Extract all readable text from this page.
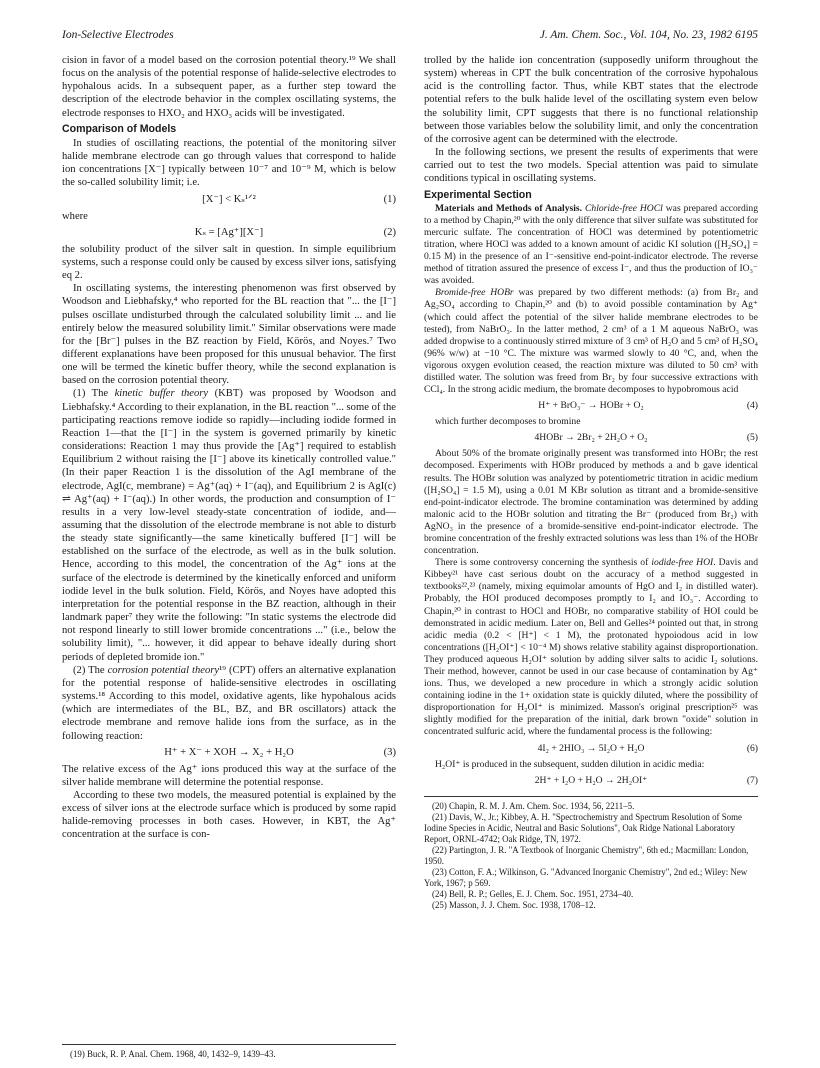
Ion-Selective Electrodes	J. Am. Chem. Soc., Vol. 104, No. 23, 1982 6195

cision in favor of a model based on the corrosion potential theory.¹⁹ We shall focus on the analysis of the potential response of halide-selective electrodes to hypohalous acids. In a subsequent paper, as a further step toward the description of the electrode behavior in the complex oscillating systems, the electrode responses to HXO₂ and HXO₃ acids will be investigated.

Comparison of Models

In studies of oscillating reactions, the potential of the monitoring silver halide membrane electrode can go through values that correspond to halide ion concentrations [X⁻] typically between 10⁻⁷ and 10⁻⁹ M, which is below the so-called solubility limit; i.e.

[X⁻] < Kₛ¹ᐟ²	(1)

where

Kₛ = [Ag⁺][X⁻]	(2)

the solubility product of the silver salt in question. In simple equilibrium systems, such a response could only be caused by excess silver ions, satisfying eq 2.

In oscillating systems, the interesting phenomenon was first observed by Woodson and Liebhafsky,⁴ who reported for the BL reaction that "... the [I⁻] pulses oscillate undisturbed through the calculated solubility limit ... and lie entirely below the measured solubility limit." Similar observations were made for the [Br⁻] pulses in the BZ reaction by Field, Körös, and Noyes.⁷ Two different explanations have been proposed for this unusual behavior. The first one will be termed the kinetic buffer theory, while the second explanation is based on the corrosion potential theory.

(1) The kinetic buffer theory (KBT) was proposed by Woodson and Liebhafsky.⁴ According to their explanation, in the BL reaction "... some of the participating reactions remove iodide so rapidly—including iodide formed in Reaction 1—that the [I⁻] in the system is governed primarily by kinetic considerations: Reaction 1 may thus provide the [Ag⁺] required to establish Equilibrium 2 without raising the [I⁻] above its kinetically controlled value." (In their paper Reaction 1 is the dissolution of the AgI membrane of the electrode, AgI(c, membrane) = Ag⁺(aq) + I⁻(aq), and Equilibrium 2 is AgI(c) ⇌ Ag⁺(aq) + I⁻(aq).) In other words, the production and consumption of I⁻ results in a very low-level steady-state concentration of iodide, and—assuming that the dissolution of the electrode membrane is not able to disturb the steady state significantly—the same kinetically buffered [I⁻] will be established on the surface of the electrode, as well as in the bulk solution. Hence, according to this model, the concentration of the Ag⁺ ions at the surface of the electrode is determined by the kinetically enforced and uniform iodide level in the bulk solution. Field, Körös, and Noyes have adopted this interpretation for the potential response in the BZ reaction, although in their landmark paper⁷ they write the following: "In static systems the electrode did not respond linearly to still lower bromide concentrations ..." (i.e., below the solubility limit), "... however, it did appear to behave ideally during short periods of depleted bromide ion."

(2) The corrosion potential theory¹⁹ (CPT) offers an alternative explanation for the potential response of halide-sensitive electrodes in oscillating systems.¹⁸ According to this model, oxidative agents, like hypohalous acids (which are intermediates of the BL, BZ, and BR oscillators) attack the electrode membrane and remove halide ions from the surface, as in the following reaction:

H⁺ + X⁻ + XOH → X₂ + H₂O	(3)

The relative excess of the Ag⁺ ions produced this way at the surface of the silver halide membrane will determine the potential response.

According to these two models, the measured potential is explained by the excess of silver ions at the electrode surface which is produced by some rapid halide-removing processes in both cases. However, in KBT, the Ag⁺ concentration at the surface is con-

(19) Buck, R. P. Anal. Chem. 1968, 40, 1432–9, 1439–43.

trolled by the halide ion concentration (supposedly uniform throughout the system) whereas in CPT the bulk concentration of the corrosive hypohalous acid is the controlling factor. Thus, while KBT states that the electrode potential refers to the bulk halide level of the oscillating system even below the solubility limit, CPT suggests that there is no functional relationship between those variables below the solubility limit, and only the concentration of the corrosive agent can be determined with the electrode.

In the following sections, we present the results of experiments that were carried out to test the two models. Special attention was paid to simulate conditions typical in oscillating systems.

Experimental Section

Materials and Methods of Analysis. Chloride-free HOCl was prepared according to a method by Chapin,²⁰ with the only difference that silver sulfate was substituted for mercuric sulfate. The concentration of HOCl was determined by potentiometric titration, where HOCl was added to a known amount of acidic KI solution ([H₂SO₄] = 0.15 M) in the presence of an I⁻-sensitive end-point-indicator electrode. The reverse method of titration assured the presence of excess I⁻, and thus the production of IO₃⁻ was avoided.

Bromide-free HOBr was prepared by two different methods: (a) from Br₂ and Ag₂SO₄ according to Chapin,²⁰ and (b) to avoid possible contamination by Ag⁺ (which could affect the potential of the silver halide membrane electrodes to be tested), from NaBrO₃. In the latter method, 2 cm³ of a 1 M aqueous NaBrO₃ was added dropwise to a continuously stirred mixture of 3 cm³ of H₂O and 5 cm³ of H₂SO₄ (96% w/w) at −10 °C. The mixture was warmed slowly to 40 °C, and, when the vigorous oxygen evolution ceased, the reaction mixture was diluted to 50 cm³ with distilled water. The solution was freed from Br₂ by four successive extractions with CCl₄. In the strong acidic medium, the bromate decomposes to hypobromous acid

H⁺ + BrO₃⁻ → HOBr + O₂	(4)

which further decomposes to bromine

4HOBr → 2Br₂ + 2H₂O + O₂	(5)

About 50% of the bromate originally present was transformed into HOBr; the rest decomposed. Experiments with HOBr produced by methods a and b gave identical results. The HOBr solution was analyzed by potentiometric titration in acidic medium ([H₂SO₄] = 1.5 M), using a 0.01 M KBr solution as titrant and a bromide-sensitive end-point-indicator electrode. The bromine contamination was determined by adding malonic acid to the HOBr solution and titrating the Br⁻ (produced from Br₂) with AgNO₃ in the presence of a bromide-sensitive end-point-indicator electrode. The bromine concentration of the freshly extracted solutions was less than 1% of the HOBr concentration.

There is some controversy concerning the synthesis of iodide-free HOI. Davis and Kibbey²¹ have cast serious doubt on the accuracy of a method suggested in textbooks²²,²³ (namely, mixing equimolar amounts of HgO and I₂ in distilled water). Probably, the HOI produced decomposes promptly to I₂ and IO₃⁻. According to Chapin,²⁰ in contrast to HOCl and HOBr, no comparative stability of HOI could be demonstrated in acidic medium. Later on, Bell and Gelles²⁴ pointed out that, in strong acidic media (0.2 < [H⁺] < 1 M), the protonated hypoiodous acid in low concentrations ([H₂OI⁺] < 10⁻⁴ M) shows relative stability against disproportionation. They produced aqueous H₂OI⁺ solution by adding silver salts to acidic I₂ solutions. Their method, however, cannot be used in our case because of contamination by Ag⁺ ions. Thus, we developed a new procedure in which a strongly acidic solution containing iodine in the 1+ oxidation state is quickly diluted, where the possibility of disproportionation for H₂OI⁺ is minimized. Masson's original prescription²⁵ was slightly modified for the preparation of the initial, dark brown "oxide" solution in concentrated sulfuric acid, where the fundamental process is the following:

4I₂ + 2HIO₃ → 5I₂O + H₂O	(6)

H₂OI⁺ is produced in the subsequent, sudden dilution in acidic media:

2H⁺ + I₂O + H₂O → 2H₂OI⁺	(7)
(20) Chapin, R. M. J. Am. Chem. Soc. 1934, 56, 2211–5.
(21) Davis, W., Jr.; Kibbey, A. H. "Spectrochemistry and Spectrum Resolution of Some Iodine Species in Acidic, Neutral and Basic Solutions", Oak Ridge National Laboratory Report, ORNL-4742; Oak Ridge, TN, 1972.
(22) Partington, J. R. "A Textbook of Inorganic Chemistry", 6th ed.; Macmillan: London, 1950.
(23) Cotton, F. A.; Wilkinson, G. "Advanced Inorganic Chemistry", 2nd ed.; Wiley: New York, 1967; p 569.
(24) Bell, R. P.; Gelles, E. J. Chem. Soc. 1951, 2734–40.
(25) Masson, J. J. Chem. Soc. 1938, 1708–12.
